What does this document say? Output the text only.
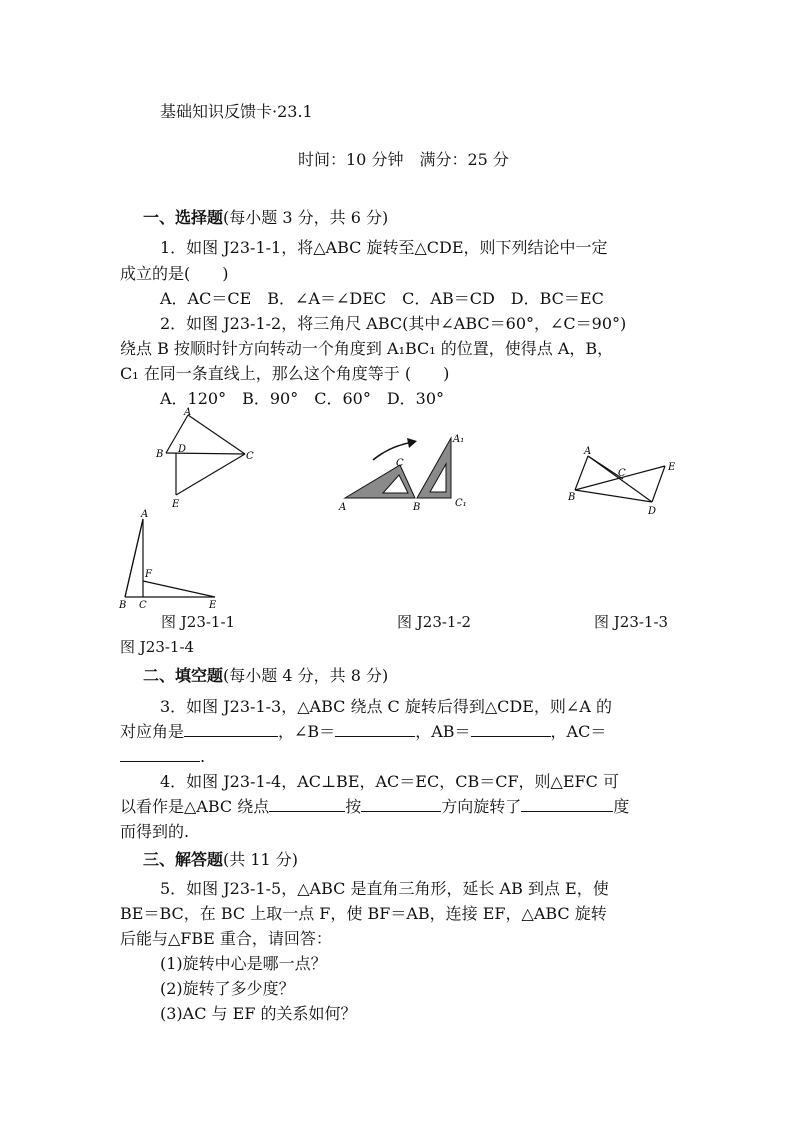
基础知识反馈卡·23.1
时间：10 分钟　满分：25 分
一、选择题(每小题 3 分，共 6 分)
1．如图 J23-1-1，将△ABC 旋转至△CDE，则下列结论中一定
成立的是(　　)
A．AC＝CE　B．∠A＝∠DEC　C．AB＝CD　D．BC＝EC
2．如图 J23-1-2，将三角尺 ABC(其中∠ABC＝60°，∠C＝90°)
绕点 B 按顺时针方向转动一个角度到 A₁BC₁ 的位置，使得点 A，B，
C₁ 在同一条直线上，那么这个角度等于 (　　)
A．120°　B．90°　C．60°　D．30°
A
B D
C
E
C
A	B
A₁
C₁
A
B
C
E
D
A
F
B C	E
图 J23-1-1	图 J23-1-2	图 J23-1-3
图 J23-1-4
二、填空题(每小题 4 分，共 8 分)
3．如图 J23-1-3，△ABC 绕点 C 旋转后得到△CDE，则∠A 的
对应角是	，∠B＝	，AB＝	，AC＝
.
4．如图 J23-1-4，AC⊥BE，AC＝EC，CB＝CF，则△EFC 可
以看作是△ABC 绕点	按	方向旋转了	度
而得到的.
三、解答题(共 11 分)
5．如图 J23-1-5，△ABC 是直角三角形，延长 AB 到点 E，使
BE＝BC，在 BC 上取一点 F，使 BF＝AB，连接 EF，△ABC 旋转
后能与△FBE 重合，请回答：
(1)旋转中心是哪一点？
(2)旋转了多少度？
(3)AC 与 EF 的关系如何？
